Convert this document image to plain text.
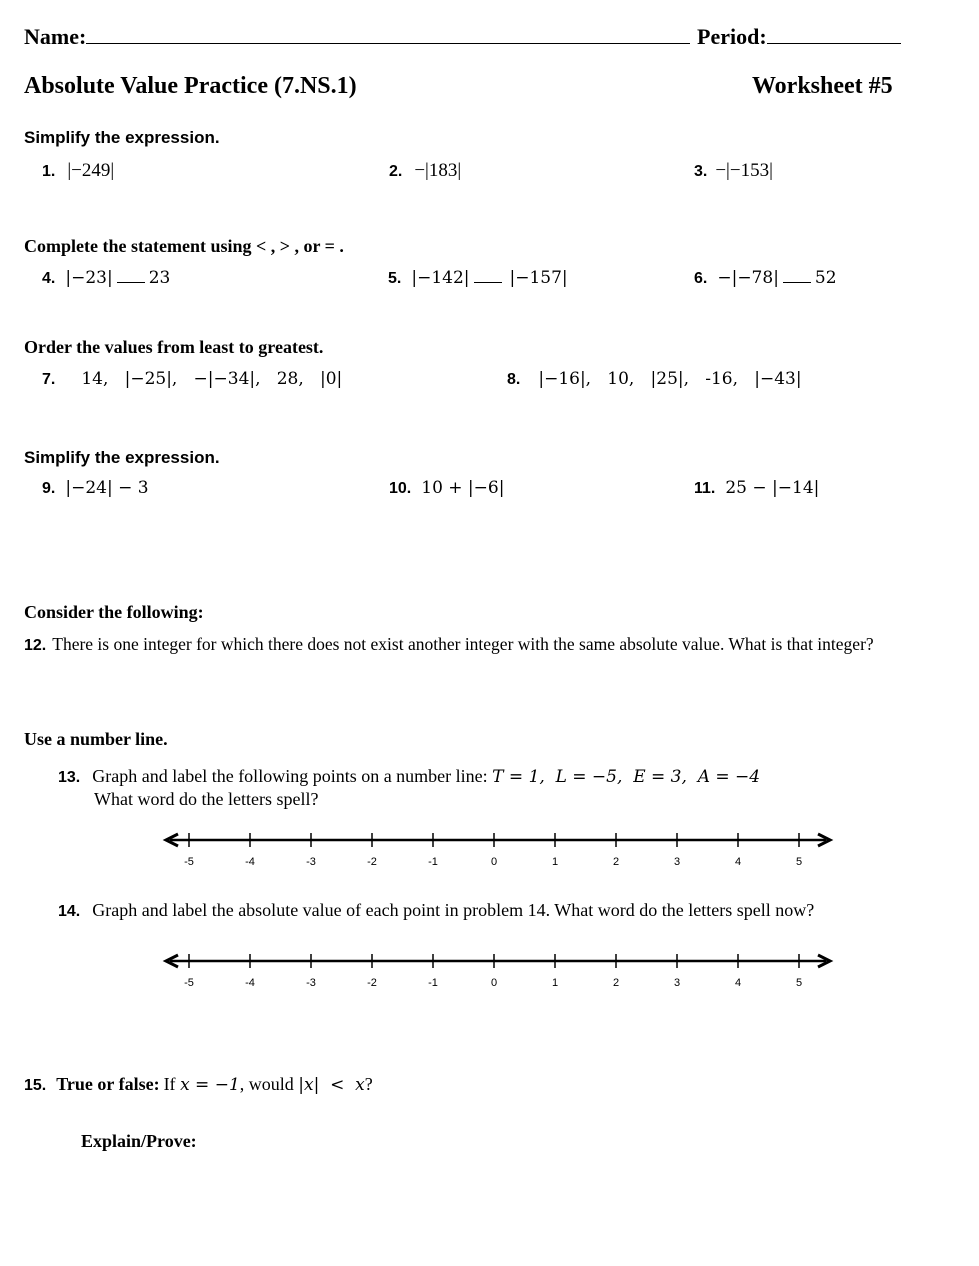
Name:	Period:
Absolute Value Practice (7.NS.1)	Worksheet #5
Simplify the expression.
1. |−249|	2. −|183|	3. −|−153|
Complete the statement using < , > , or = .
4. |−23| 23	5. |−142| |−157|	6. −|−78| 52
Order the values from least to greatest.
7. 14,   |−25|,   −|−34|,   28,   |0|	8. |−16|,   10,   |25|,   -16,   |−43|
Simplify the expression.
9. |−24| − 3	10. 10 + |−6|	11. 25 − |−14|
Consider the following:
12. There is one integer for which there does not exist another integer with the same absolute value. What is that integer?
Use a number line.
13. Graph and label the following points on a number line: T = 1,  L = −5,  E = 3,  A = −4
What word do the letters spell?
-5	-4	-3	-2	-1	0	1	2	3	4	5
14. Graph and label the absolute value of each point in problem 14. What word do the letters spell now?
-5	-4	-3	-2	-1	0	1	2	3	4	5
15. True or false: If x = −1, would |x|  <  x?
Explain/Prove:
